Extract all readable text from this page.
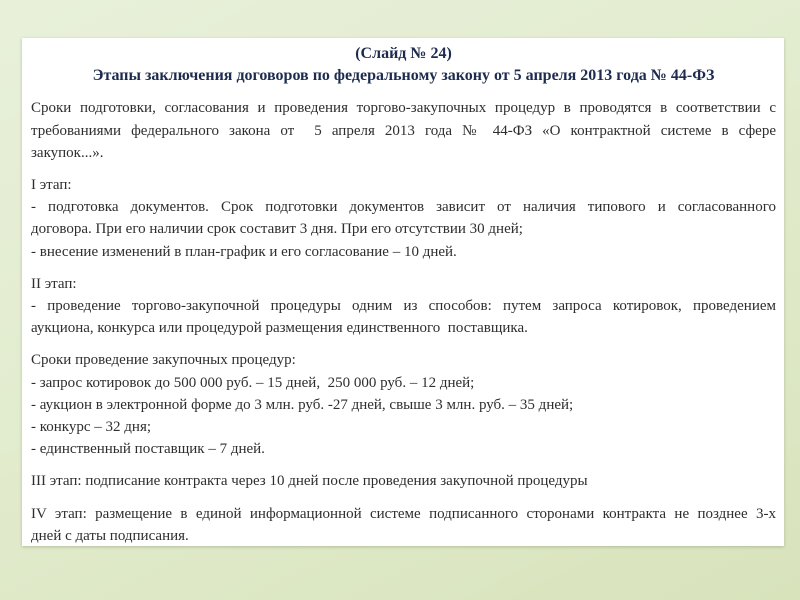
(Слайд № 24)
Этапы заключения договоров по федеральному закону от 5 апреля 2013 года № 44-ФЗ
Сроки подготовки, согласования и проведения торгово-закупочных процедур в проводятся в соответствии с
требованиями федерального закона от  5 апреля 2013 года № 44-ФЗ «О контрактной системе в сфере
закупок...».
I этап:
- подготовка документов. Срок подготовки документов зависит от наличия типового и согласованного
договора. При его наличии срок составит 3 дня. При его отсутствии 30 дней;
- внесение изменений в план-график и его согласование – 10 дней.
II этап:
- проведение торгово-закупочной процедуры одним из способов: путем запроса котировок, проведением
аукциона, конкурса или процедурой размещения единственного  поставщика.
Сроки проведение закупочных процедур:
- запрос котировок до 500 000 руб. – 15 дней,  250 000 руб. – 12 дней;
- аукцион в электронной форме до 3 млн. руб. -27 дней, свыше 3 млн. руб. – 35 дней;
- конкурс – 32 дня;
- единственный поставщик – 7 дней.
III этап: подписание контракта через 10 дней после проведения закупочной процедуры
IV этап: размещение в единой информационной системе подписанного сторонами контракта не позднее 3-х
дней с даты подписания.
